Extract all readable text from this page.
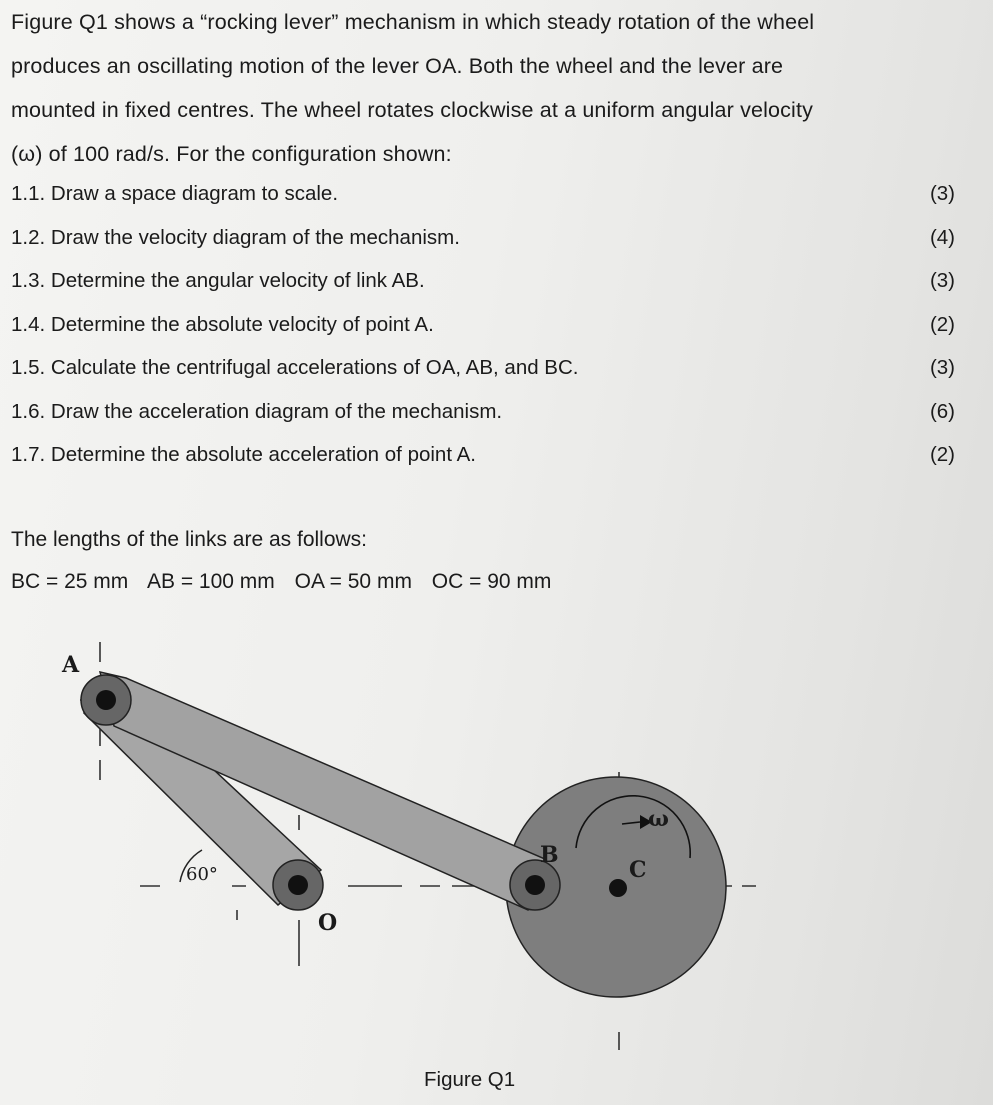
Figure Q1 shows a “rocking lever” mechanism in which steady rotation of the wheel
produces an oscillating motion of the lever OA. Both the wheel and the lever are
mounted in fixed centres. The wheel rotates clockwise at a uniform angular velocity
(ω) of 100 rad/s. For the configuration shown:
1.1. Draw a space diagram to scale.	(3)
1.2. Draw the velocity diagram of the mechanism.	(4)
1.3. Determine the angular velocity of link AB.	(3)
1.4. Determine the absolute velocity of point A.	(2)
1.5. Calculate the centrifugal accelerations of OA, AB, and BC.	(3)
1.6. Draw the acceleration diagram of the mechanism.	(6)
1.7. Determine the absolute acceleration of point A.	(2)
The lengths of the links are as follows:
BC = 25 mm AB = 100 mm OA = 50 mm OC = 90 mm
A
B
C
O
60°
ω
Figure Q1
